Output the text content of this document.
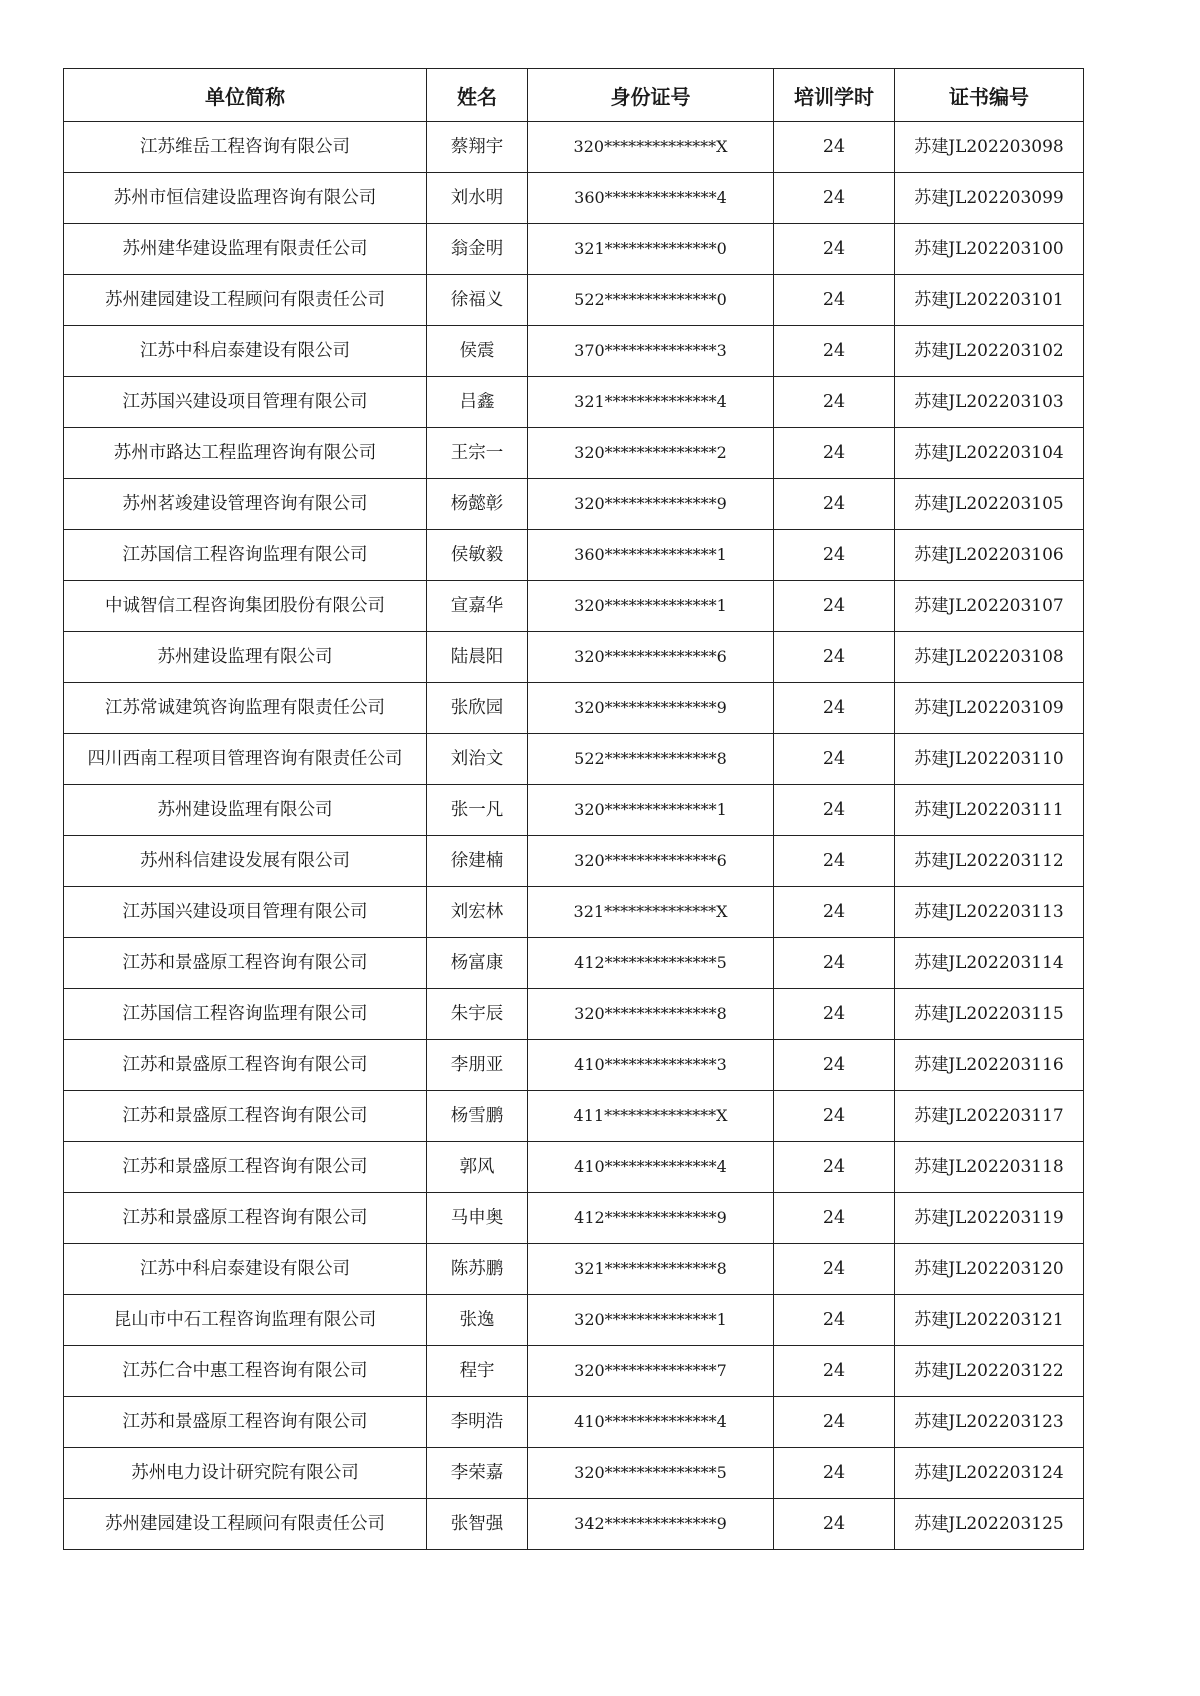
单位简称	姓名	身份证号	培训学时	证书编号
江苏维岳工程咨询有限公司	蔡翔宇	320**************X	24	苏建JL202203098
苏州市恒信建设监理咨询有限公司	刘水明	360**************4	24	苏建JL202203099
苏州建华建设监理有限责任公司	翁金明	321**************0	24	苏建JL202203100
苏州建园建设工程顾问有限责任公司	徐福义	522**************0	24	苏建JL202203101
江苏中科启泰建设有限公司	侯震	370**************3	24	苏建JL202203102
江苏国兴建设项目管理有限公司	吕鑫	321**************4	24	苏建JL202203103
苏州市路达工程监理咨询有限公司	王宗一	320**************2	24	苏建JL202203104
苏州茗竣建设管理咨询有限公司	杨懿彰	320**************9	24	苏建JL202203105
江苏国信工程咨询监理有限公司	侯敏毅	360**************1	24	苏建JL202203106
中诚智信工程咨询集团股份有限公司	宣嘉华	320**************1	24	苏建JL202203107
苏州建设监理有限公司	陆晨阳	320**************6	24	苏建JL202203108
江苏常诚建筑咨询监理有限责任公司	张欣园	320**************9	24	苏建JL202203109
四川西南工程项目管理咨询有限责任公司	刘治文	522**************8	24	苏建JL202203110
苏州建设监理有限公司	张一凡	320**************1	24	苏建JL202203111
苏州科信建设发展有限公司	徐建楠	320**************6	24	苏建JL202203112
江苏国兴建设项目管理有限公司	刘宏林	321**************X	24	苏建JL202203113
江苏和景盛原工程咨询有限公司	杨富康	412**************5	24	苏建JL202203114
江苏国信工程咨询监理有限公司	朱宇辰	320**************8	24	苏建JL202203115
江苏和景盛原工程咨询有限公司	李朋亚	410**************3	24	苏建JL202203116
江苏和景盛原工程咨询有限公司	杨雪鹏	411**************X	24	苏建JL202203117
江苏和景盛原工程咨询有限公司	郭风	410**************4	24	苏建JL202203118
江苏和景盛原工程咨询有限公司	马申奥	412**************9	24	苏建JL202203119
江苏中科启泰建设有限公司	陈苏鹏	321**************8	24	苏建JL202203120
昆山市中石工程咨询监理有限公司	张逸	320**************1	24	苏建JL202203121
江苏仁合中惠工程咨询有限公司	程宇	320**************7	24	苏建JL202203122
江苏和景盛原工程咨询有限公司	李明浩	410**************4	24	苏建JL202203123
苏州电力设计研究院有限公司	李荣嘉	320**************5	24	苏建JL202203124
苏州建园建设工程顾问有限责任公司	张智强	342**************9	24	苏建JL202203125
